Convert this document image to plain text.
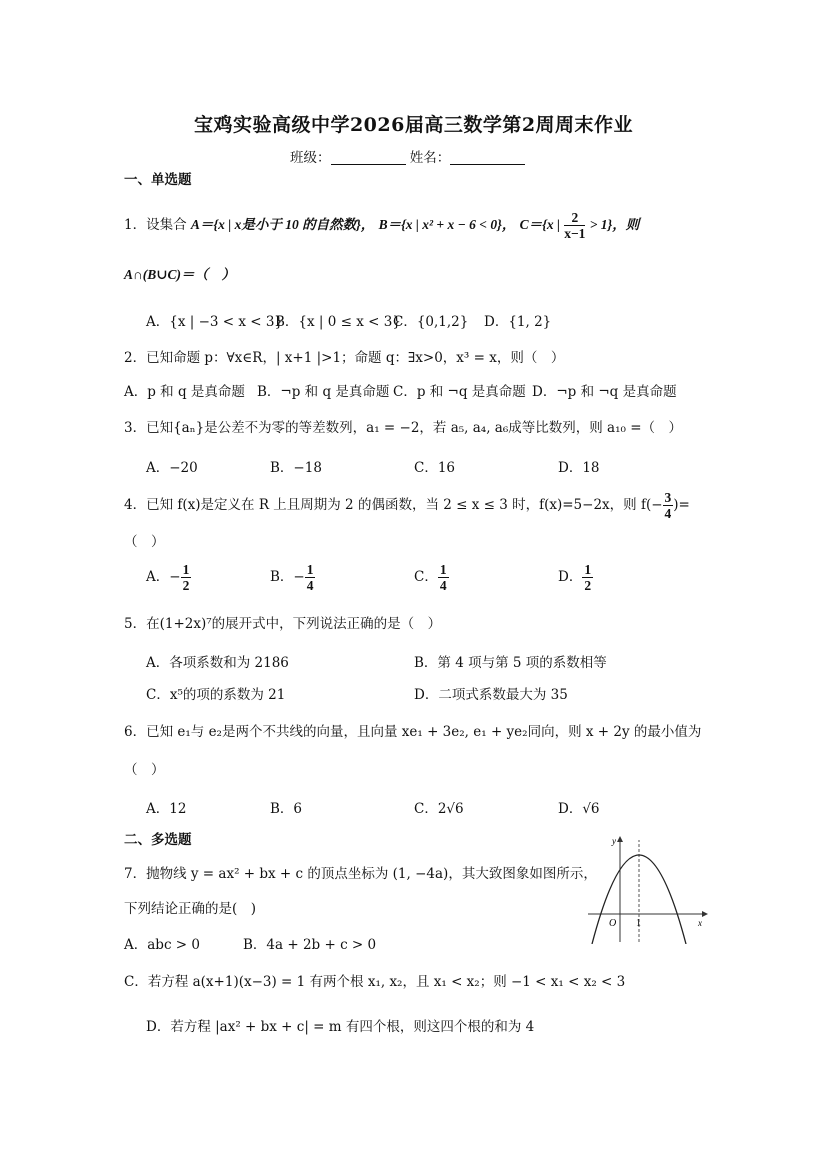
宝鸡实验高级中学2026届高三数学第2周周末作业
班级：	姓名：
一、单选题
1．设集合 A＝{x | x是小于 10 的自然数}， B＝{x | x² + x − 6 < 0}， C＝{x | $\frac{2}{x-1} > 1$}，则
A∩(B∪C)＝（　）
A．{x | −3 < x < 3}
B．{x | 0 ≤ x < 3}
C．{0,1,2} D．{1, 2}
2．已知命题 p：∀x∈R，| x+1 |>1；命题 q：∃x>0，x³ = x，则（　）
A．p 和 q 是真命题 B．¬p 和 q 是真命题 C．p 和 ¬q 是真命题 D．¬p 和 ¬q 是真命题
3．已知{aₙ}是公差不为零的等差数列，a₁ = −2，若 a₅, a₄, a₆成等比数列，则 a₁₀ =（　）
A．−20	B．−18	C．16	D．18
4．已知 f(x)是定义在 R 上且周期为 2 的偶函数，当 2 ≤ x ≤ 3 时，f(x)=5−2x，则 $f(- \frac{3}{4}$ )=
（　）
A．− $\frac{1}{2}$	B．− $\frac{1}{4}$	C． $\frac{1}{4}$	D． $\frac{1}{2}$
5．在(1+2x)⁷的展开式中，下列说法正确的是（　）
A．各项系数和为 2186	B．第 4 项与第 5 项的系数相等
C．x⁵的项的系数为 21	D．二项式系数最大为 35
6．已知 e₁与 e₂是两个不共线的向量，且向量 xe₁ + 3e₂, e₁ + ye₂同向，则 x + 2y 的最小值为
（　）
A．12	B．6	C．2√6	D．√6
二、多选题
7．抛物线 y = ax² + bx + c 的顶点坐标为 (1, −4a)，其大致图象如图所示，
下列结论正确的是(　)
A．abc > 0	B．4a + 2b + c > 0
C．若方程 a(x+1)(x−3) = 1 有两个根 x₁, x₂，且 x₁ < x₂；则 −1 < x₁ < x₂ < 3
D．若方程 |ax² + bx + c| = m 有四个根，则这四个根的和为 4
y
x
O 1
